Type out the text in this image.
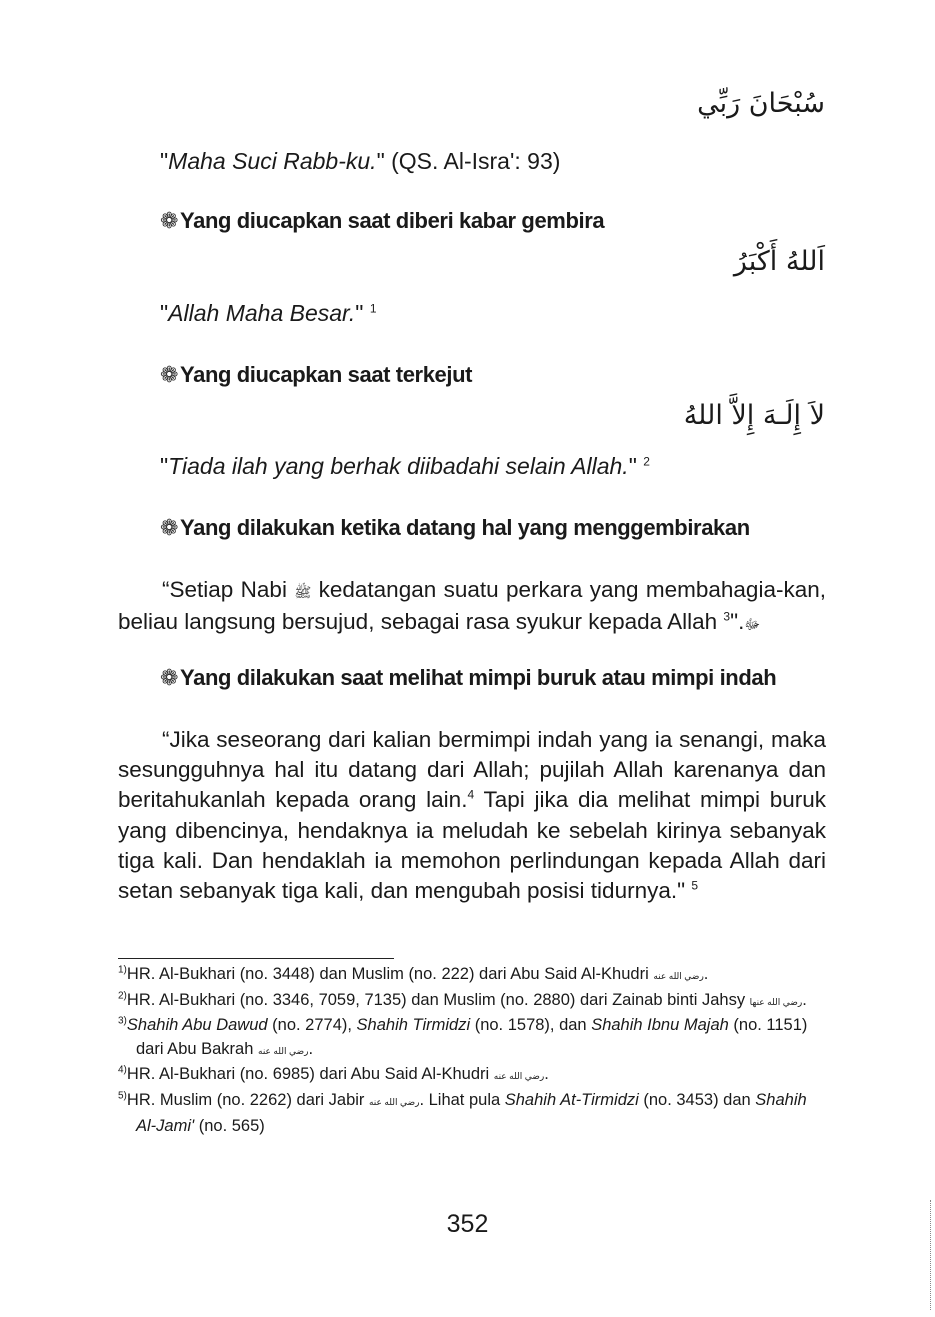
سُبْحَانَ رَبِّي
"Maha Suci Rabb-ku." (QS. Al-Isra': 93)
❁Yang diucapkan saat diberi kabar gembira
اَللهُ أَكْبَرُ
"Allah Maha Besar." $^1$
❁Yang diucapkan saat terkejut
لاَ إِلَـهَ إِلاَّ اللهُ
"Tiada ilah yang berhak diibadahi selain Allah." $^2$
❁Yang dilakukan ketika datang hal yang menggembirakan
“Setiap Nabi ﷺ kedatangan suatu perkara yang membahagia-kan, beliau langsung bersujud, sebagai rasa syukur kepada Allah ﷻ."$^3$
❁Yang dilakukan saat melihat mimpi buruk atau mimpi indah
“Jika seseorang dari kalian bermimpi indah yang ia senangi, maka sesungguhnya hal itu datang dari Allah; pujilah Allah karenanya dan beritahukanlah kepada orang lain.$^4$ Tapi jika dia melihat mimpi buruk yang dibencinya, hendaknya ia meludah ke sebelah kirinya sebanyak tiga kali. Dan hendaklah ia memohon perlindungan kepada Allah dari setan sebanyak tiga kali, dan mengubah posisi tidurnya." $^5$

$^{1)}$HR. Al-Bukhari (no. 3448) dan Muslim (no. 222) dari Abu Said Al-Khudri رضي الله عنه.

$^{2)}$HR. Al-Bukhari (no. 3346, 7059, 7135) dan Muslim (no. 2880) dari Zainab binti Jahsy رضي الله عنها.

$^{3)}$Shahih Abu Dawud (no. 2774), Shahih Tirmidzi (no. 1578), dan Shahih Ibnu Majah (no. 1151) dari Abu Bakrah رضي الله عنه.

$^{4)}$HR. Al-Bukhari (no. 6985) dari Abu Said Al-Khudri رضي الله عنه.

$^{5)}$HR. Muslim (no. 2262) dari Jabir رضي الله عنه. Lihat pula Shahih At-Tirmidzi (no. 3453) dan Shahih Al-Jami' (no. 565)

352
